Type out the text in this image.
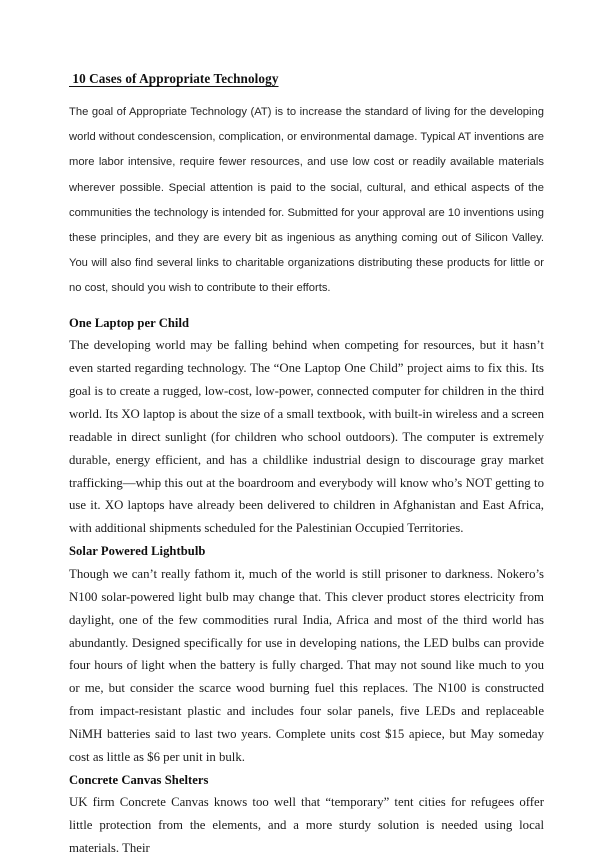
10 Cases of Appropriate Technology

The goal of Appropriate Technology (AT) is to increase the standard of living for the developing world without condescension, complication, or environmental damage. Typical AT inventions are more labor intensive, require fewer resources, and use low cost or readily available materials wherever possible. Special attention is paid to the social, cultural, and ethical aspects of the communities the technology is intended for. Submitted for your approval are 10 inventions using these principles, and they are every bit as ingenious as anything coming out of Silicon Valley. You will also find several links to charitable organizations distributing these products for little or no cost, should you wish to contribute to their efforts.

One Laptop per Child

The developing world may be falling behind when competing for resources, but it hasn’t even started regarding technology. The “One Laptop One Child” project aims to fix this. Its goal is to create a rugged, low-cost, low-power, connected computer for children in the third world. Its XO laptop is about the size of a small textbook, with built-in wireless and a screen readable in direct sunlight (for children who school outdoors). The computer is extremely durable, energy efficient, and has a childlike industrial design to discourage gray market trafficking—whip this out at the boardroom and everybody will know who’s NOT getting to use it. XO laptops have already been delivered to children in Afghanistan and East Africa, with additional shipments scheduled for the Palestinian Occupied Territories.

Solar Powered Lightbulb

Though we can’t really fathom it, much of the world is still prisoner to darkness. Nokero’s N100 solar-powered light bulb may change that. This clever product stores electricity from daylight, one of the few commodities rural India, Africa and most of the third world has abundantly. Designed specifically for use in developing nations, the LED bulbs can provide four hours of light when the battery is fully charged. That may not sound like much to you or me, but consider the scarce wood burning fuel this replaces. The N100 is constructed from impact-resistant plastic and includes four solar panels, five LEDs and replaceable NiMH batteries said to last two years. Complete units cost $15 apiece, but May someday cost as little as $6 per unit in bulk.

Concrete Canvas Shelters

UK firm Concrete Canvas knows too well that “temporary” tent cities for refugees offer little protection from the elements, and a more sturdy solution is needed using local materials. Their
